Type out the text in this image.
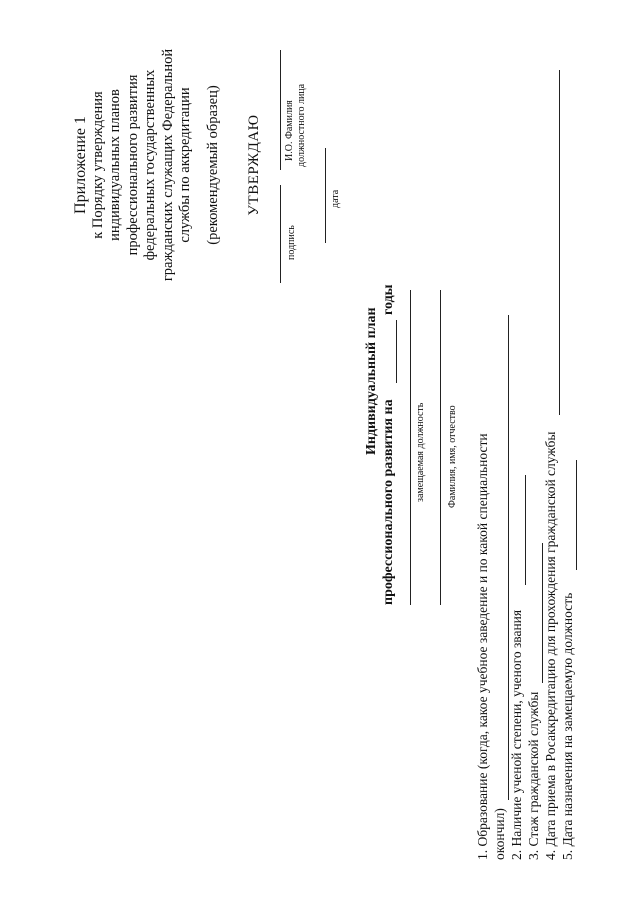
Приложение 1 к Порядку утверждения индивидуальных планов профессионального развития федеральных государственных гражданских служащих Федеральной службы по аккредитации (рекомендуемый образец) УТВЕРЖДАЮ
подпись
И.О. Фамилия должностного лица
дата
Индивидуальный план
профессионального развития на
годы
замещаемая должность Фамилия, имя, отчество 1. Образование (когда, какое учебное заведение и по какой специальности окончил) 2. Наличие ученой степени, ученого звания 3. Стаж гражданской службы 4. Дата приема в Росаккредитацию для прохождения гражданской службы 5. Дата назначения на замещаемую должность
